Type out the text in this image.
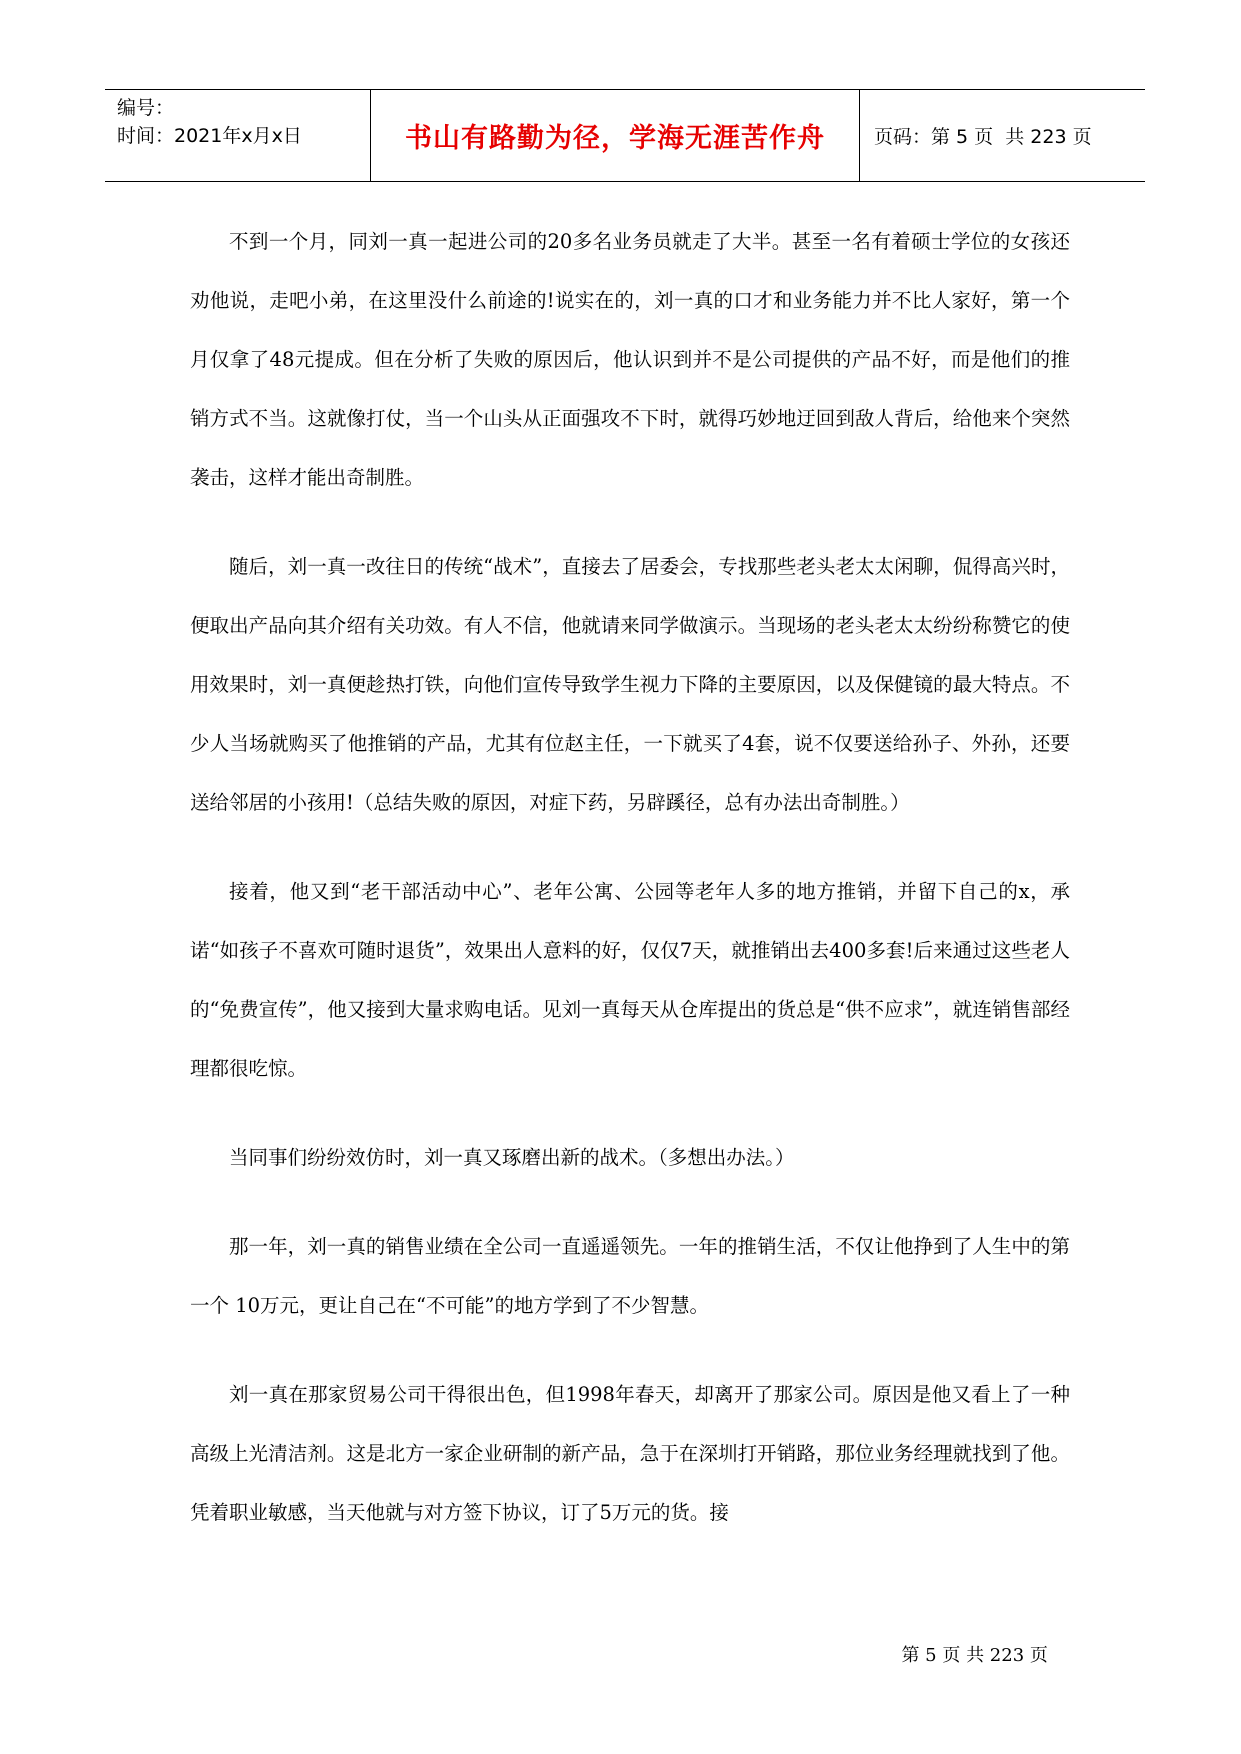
编号：
时间：2021年x月x日	书山有路勤为径，学海无涯苦作舟	页码：第 5 页  共 223 页

不到一个月，同刘一真一起进公司的20多名业务员就走了大半。甚至一名有着硕士学位的女孩还劝他说，走吧小弟，在这里没什么前途的!说实在的，刘一真的口才和业务能力并不比人家好，第一个月仅拿了48元提成。但在分析了失败的原因后，他认识到并不是公司提供的产品不好，而是他们的推销方式不当。这就像打仗，当一个山头从正面强攻不下时，就得巧妙地迂回到敌人背后，给他来个突然袭击，这样才能出奇制胜。

随后，刘一真一改往日的传统“战术”，直接去了居委会，专找那些老头老太太闲聊，侃得高兴时，便取出产品向其介绍有关功效。有人不信，他就请来同学做演示。当现场的老头老太太纷纷称赞它的使用效果时，刘一真便趁热打铁，向他们宣传导致学生视力下降的主要原因，以及保健镜的最大特点。不少人当场就购买了他推销的产品，尤其有位赵主任，一下就买了4套，说不仅要送给孙子、外孙，还要送给邻居的小孩用!（总结失败的原因，对症下药，另辟蹊径，总有办法出奇制胜。）

接着，他又到“老干部活动中心”、老年公寓、公园等老年人多的地方推销，并留下自己的x，承诺“如孩子不喜欢可随时退货”，效果出人意料的好，仅仅7天，就推销出去400多套!后来通过这些老人的“免费宣传”，他又接到大量求购电话。见刘一真每天从仓库提出的货总是“供不应求”，就连销售部经理都很吃惊。

当同事们纷纷效仿时，刘一真又琢磨出新的战术。（多想出办法。）

那一年，刘一真的销售业绩在全公司一直遥遥领先。一年的推销生活，不仅让他挣到了人生中的第一个 10万元，更让自己在“不可能”的地方学到了不少智慧。

刘一真在那家贸易公司干得很出色，但1998年春天，却离开了那家公司。原因是他又看上了一种高级上光清洁剂。这是北方一家企业研制的新产品，急于在深圳打开销路，那位业务经理就找到了他。凭着职业敏感，当天他就与对方签下协议，订了5万元的货。接

第 5 页 共 223 页
